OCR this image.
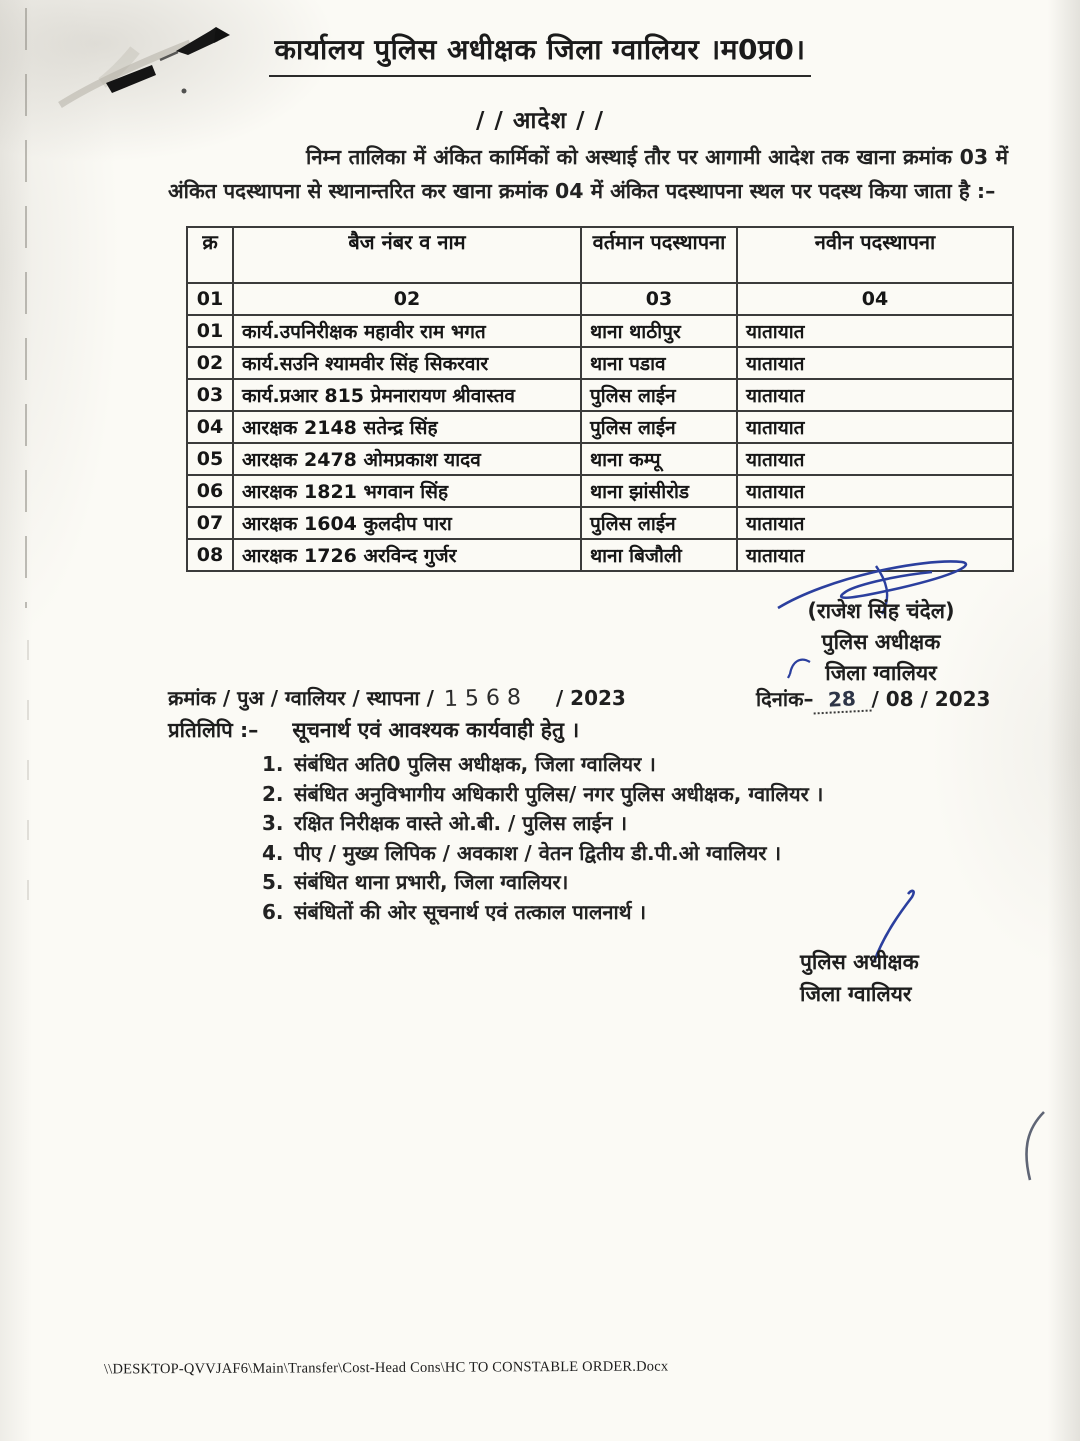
कार्यालय पुलिस अधीक्षक जिला ग्वालियर ।म0प्र0।
/ / आदेश / /
निम्न तालिका में अंकित कार्मिकों को अस्थाई तौर पर आगामी आदेश तक खाना क्रमांक 03 में अंकित पदस्थापना से स्थानान्तरित कर खाना क्रमांक 04 में अंकित पदस्थापना स्थल पर पदस्थ किया जाता है :–
क्र	बैज नंबर व नाम	वर्तमान पदस्थापना	नवीन पदस्थापना
01	02	03	04
01	कार्य.उपनिरीक्षक महावीर राम भगत	थाना थाठीपुर	यातायात
02	कार्य.सउनि श्यामवीर सिंह सिकरवार	थाना पडाव	यातायात
03	कार्य.प्रआर 815 प्रेमनारायण श्रीवास्तव	पुलिस लाईन	यातायात
04	आरक्षक 2148 सतेन्द्र सिंह	पुलिस लाईन	यातायात
05	आरक्षक 2478 ओमप्रकाश यादव	थाना कम्पू	यातायात
06	आरक्षक 1821 भगवान सिंह	थाना झांसीरोड	यातायात
07	आरक्षक 1604 कुलदीप पारा	पुलिस लाईन	यातायात
08	आरक्षक 1726 अरविन्द गुर्जर	थाना बिजौली	यातायात
(राजेश सिंह चंदेल)
पुलिस अधीक्षक
जिला ग्वालियर
क्रमांक / पुअ / ग्वालियर / स्थापना / 1568 / 2023	दिनांक– 28 / 08 / 2023
प्रतिलिपि :– सूचनार्थ एवं आवश्यक कार्यवाही हेतु ।
1. संबंधित अति0 पुलिस अधीक्षक, जिला ग्वालियर ।
2. संबंधित अनुविभागीय अधिकारी पुलिस/ नगर पुलिस अधीक्षक, ग्वालियर ।
3. रक्षित निरीक्षक वास्ते ओ.बी. / पुलिस लाईन ।
4. पीए / मुख्य लिपिक / अवकाश / वेतन द्वितीय डी.पी.ओ ग्वालियर ।
5. संबंधित थाना प्रभारी, जिला ग्वालियर।
6. संबंधितों की ओर सूचनार्थ एवं तत्काल पालनार्थ ।
पुलिस अधीक्षक
जिला ग्वालियर
\\DESKTOP-QVVJAF6\Main\Transfer\Cost-Head Cons\HC TO CONSTABLE ORDER.Docx
